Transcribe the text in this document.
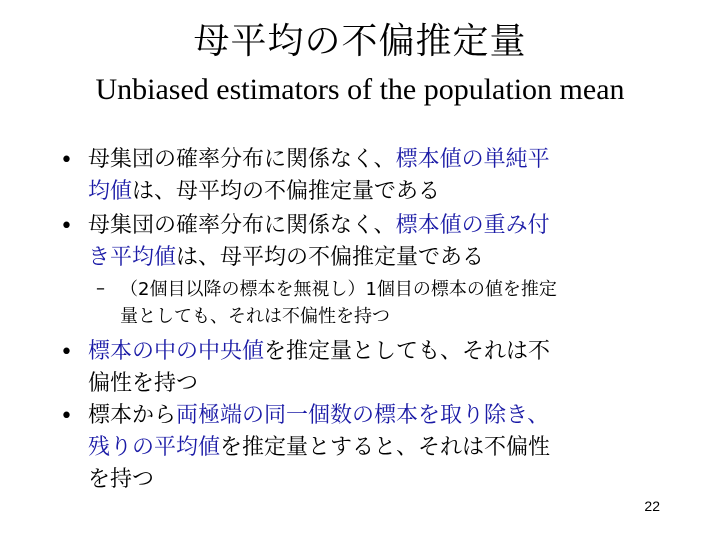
母平均の不偏推定量
Unbiased estimators of the population mean
• 母集団の確率分布に関係なく、標本値の単純平
均値は、母平均の不偏推定量である
• 母集団の確率分布に関係なく、標本値の重み付
き平均値は、母平均の不偏推定量である
– （2個目以降の標本を無視し）1個目の標本の値を推定
量としても、それは不偏性を持つ
• 標本の中の中央値を推定量としても、それは不
偏性を持つ
• 標本から両極端の同一個数の標本を取り除き、
残りの平均値を推定量とすると、それは不偏性
を持つ
22
